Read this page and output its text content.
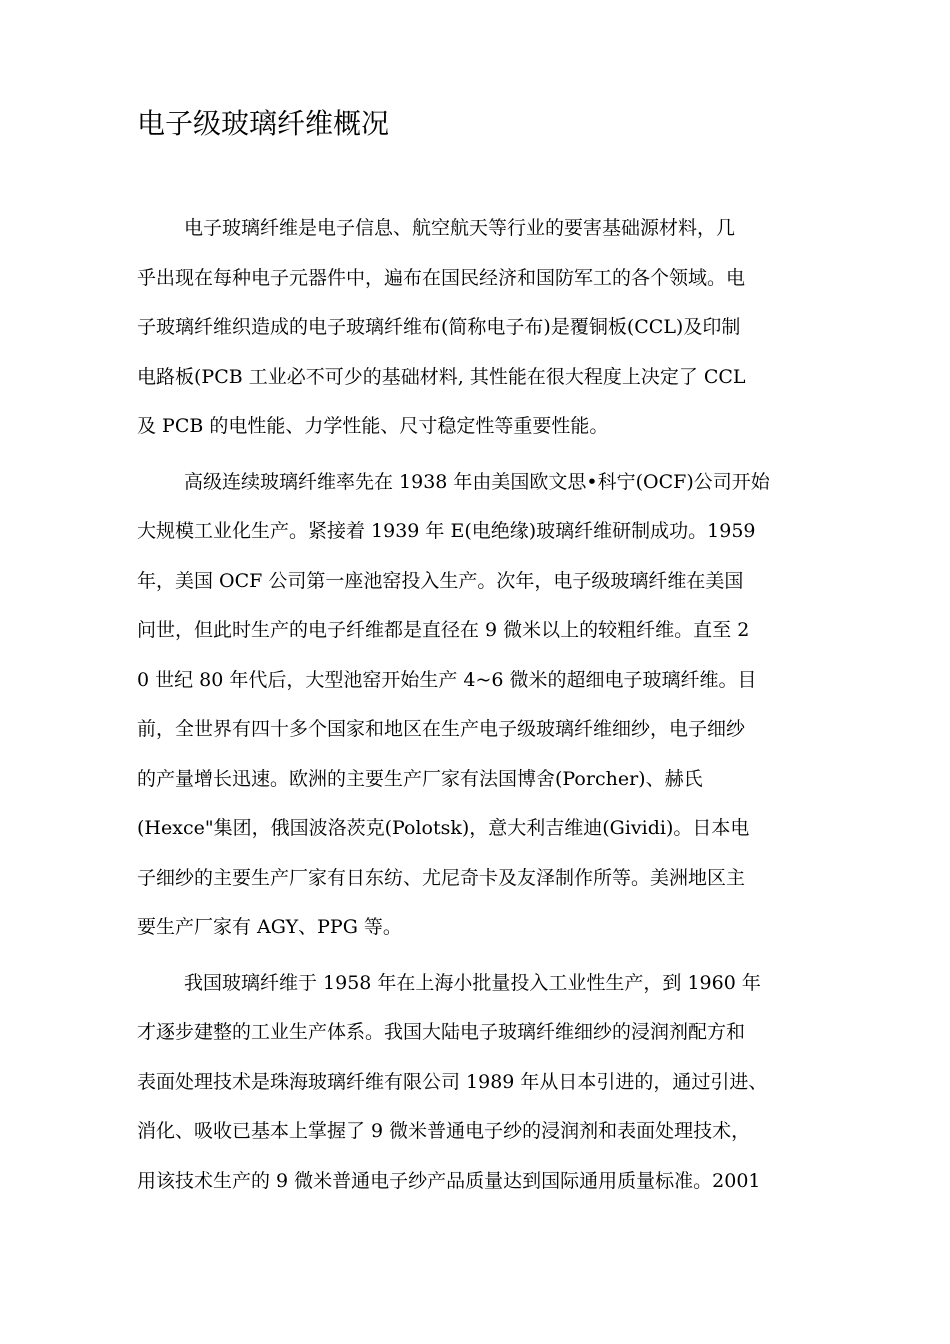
电子级玻璃纤维概况
电子玻璃纤维是电子信息、航空航天等行业的要害基础源材料，几
乎出现在每种电子元器件中，遍布在国民经济和国防军工的各个领域。电
子玻璃纤维织造成的电子玻璃纤维布(简称电子布)是覆铜板(CCL)及印制
电路板(PCB 工业必不可少的基础材料, 其性能在很大程度上决定了 CCL
及 PCB 的电性能、力学性能、尺寸稳定性等重要性能。
高级连续玻璃纤维率先在 1938 年由美国欧文思•科宁(OCF)公司开始
大规模工业化生产。紧接着 1939 年 E(电绝缘)玻璃纤维研制成功。1959
年，美国 OCF 公司第一座池窑投入生产。次年，电子级玻璃纤维在美国
问世，但此时生产的电子纤维都是直径在 9 微米以上的较粗纤维。直至 2
0 世纪 80 年代后，大型池窑开始生产 4~6 微米的超细电子玻璃纤维。目
前，全世界有四十多个国家和地区在生产电子级玻璃纤维细纱，电子细纱
的产量增长迅速。欧洲的主要生产厂家有法国博舍(Porcher)、赫氏
(Hexce"集团，俄国波洛茨克(Polotsk)，意大利吉维迪(Gividi)。日本电
子细纱的主要生产厂家有日东纺、尤尼奇卡及友泽制作所等。美洲地区主
要生产厂家有 AGY、PPG 等。
我国玻璃纤维于 1958 年在上海小批量投入工业性生产，到 1960 年
才逐步建整的工业生产体系。我国大陆电子玻璃纤维细纱的浸润剂配方和
表面处理技术是珠海玻璃纤维有限公司 1989 年从日本引进的，通过引进、
消化、吸收已基本上掌握了 9 微米普通电子纱的浸润剂和表面处理技术，
用该技术生产的 9 微米普通电子纱产品质量达到国际通用质量标准。2001
